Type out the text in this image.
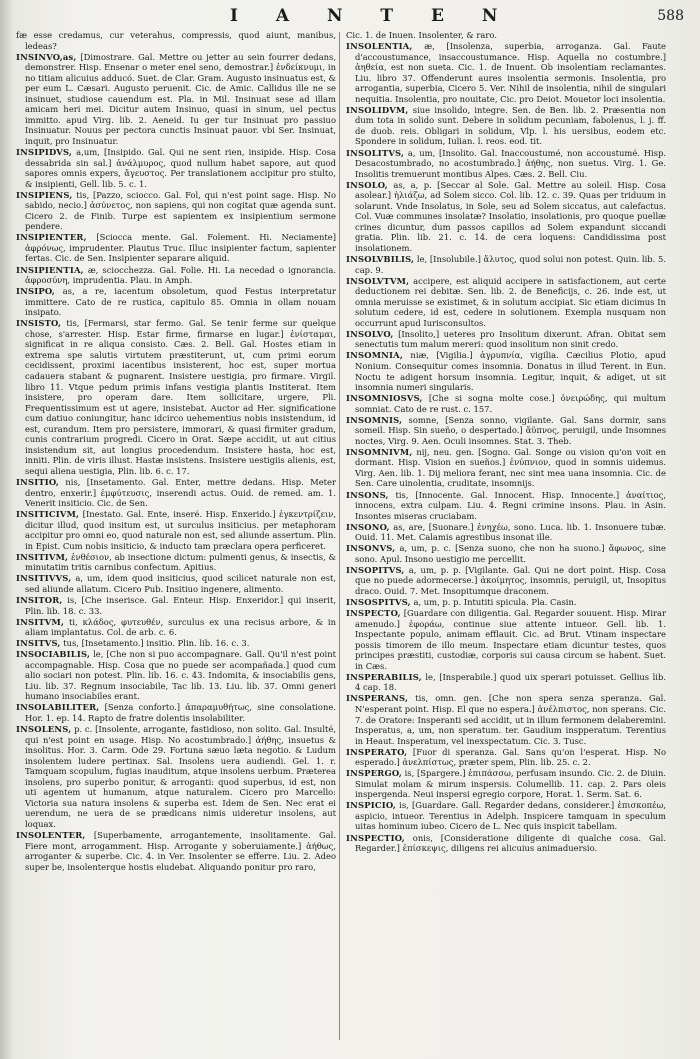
I A N T E N	588

fæ esse credamus, cur veterahus, compressis, quod aiunt, manibus, ledeas?

INSINVO,as, [Dimostrare. Gal. Mettre ou jetter au sein fourrer dedans, demonstrer. Hisp. Ensenar o meter enel seno, demostrar.] ἐνδείκνυμι, in no titiam alicuius adducó. Suet. de Clar. Gram. Augusto insinuatus est, & per eum L. Cæsari. Augusto peruenit. Cic. de Amic. Callidus ille ne se insinuet, studiose cauendum est. Pla. in Mil. Insinuat sese ad illam amicam heri mei. Dicitur autem Insinuo, quasi in sinum, uel pectus immitto. apud Virg. lib. 2. Aeneid. Iu ger tur Insinuat pro passiuo Insinuatur. Nouus per pectora cunctis Insinuat pauor. vbi Ser. Insinuat, inquit, pro Insinuatur.

INSIPIDVS, a,um, [Insipido. Gal. Qui ne sent rien, insipide. Hisp. Cosa dessabrida sin sal.] ἀνάλμυρος, quod nullum habet sapore, aut quod sapores omnis expers, ἄγευστος. Per translationem accipitur pro stulto, & insipienti, Gell. lib. 5. c. 1.

INSIPIENS, tis, [Pazzo, sciocco. Gal. Fol, qui n'est point sage. Hisp. No sabido, necio.] ἀσύνετος, non sapiens, qui non cogitat quæ agenda sunt. Cicero 2. de Finib. Turpe est sapientem ex insipientium sermone pendere.

INSIPIENTER, [Sciocca mente. Gal. Folement. Hi. Neciamente] ἀφρόνως, imprudenter. Plautus Truc. Illuc insipienter factum, sapienter fertas. Cic. de Sen. Insipienter separare aliquid.

INSIPIENTIA, æ, sciocchezza. Gal. Folie. Hi. La necedad o ignorancia. ἀφροσύνη, imprudentia. Plau. in Amph.

INSIPO, as, a re, iacentum obsoletum, quod Festus interpretatur immittere. Cato de re rustica, capitulo 85. Omnia in ollam nouam insipato.

INSISTO, tis, [Fermarsi, star fermo. Gal. Se tenir ferme sur quelque chose, s'arrester. Hisp. Estar firme, firmarse en lugar.] ἐνίσταμαι, significat in re aliqua consisto. Cæs. 2. Bell. Gal. Hostes etiam in extrema spe salutis virtutem præstiterunt, ut, cum primi eorum cecidissent, proximi iacentibus insisterent, hoc est, super mortua cadauera stabant & pugnarent. Insistere uestigia, pro firmare. Virgil. libro 11. Vtque pedum primis infans vestigia plantis Institerat. Item insistere, pro operam dare. Item sollicitare, urgere, Pli. Frequentissimum est ut agere, insistebat. Auctor ad Her. significatione cum datiuo coniungitur, hanc idcirco uehementius nobis insistendum, id est, curandum. Item pro persistere, immorari, & quasi firmiter gradum, cunis contrarium progredi. Cicero in Orat. Sæpe accidit, ut aut citius insistendum sit, aut longius procedendum. Insistere hasta, hoc est, inniti. Plin. de viris illust. Hastæ insistens. Insistere uestigiis alienis, est, sequi aliena uestigia, Plin. lib. 6. c. 17.

INSITIO, nis, [Insetamento. Gal. Enter, mettre dedans. Hisp. Meter dentro, enxerir.] ἐμφύτευσις, inserendi actus. Ouid. de remed. am. 1. Venerit insiticio. Cic. de Sen.

INSITICIVM, [Inestato. Gal. Ente, inseré. Hisp. Enxerido.] ἐγκεντρίζειν, dicitur illud, quod insitum est, ut surculus insiticius. per metaphoram accipitur pro omni eo, quod naturale non est, sed aliunde assertum. Plin. in Epist. Cum nobis insiticio, & inducto tam præclara opera perficeret.

INSITIVM, ἐνθέσιον, ab insectione dictum: pulmenti genus, & insectis, & minutatim tritis carnibus confectum. Apitius.

INSITIVVS, a, um, idem quod insiticius, quod scilicet naturale non est, sed aliunde allatum. Cicero Pub. Insitiuo ingenere, alimento.

INSITOR, is, [Che inserisce. Gal. Enteur. Hisp. Enxeridor.] qui inserit, Plin. lib. 18. c. 33.

INSITVM, ti, κλάδος, φυτευθέν, surculus ex una recisus arbore, & in aliam implantatus. Col. de arb. c. 6.

INSITVS, tus, [Insetamento.] insitio. Plin. lib. 16. c. 3.

INSOCIABILIS, le, [Che non si puo accompagnare. Gall. Qu'il n'est point accompagnable. Hisp. Cosa que no puede ser acompañada.] quod cum alio sociari non potest. Plin. lib. 16. c. 43. Indomita, & insociabilis gens, Liu. lib. 37. Regnum insociabile, Tac lib. 13. Liu. lib. 37. Omni generi humano insociabiles erant.

INSOLABILITER, [Senza conforto.] ἀπαραμυθήτως, sine consolatione. Hor. 1. ep. 14. Rapto de fratre dolentis insolabiliter.

INSOLENS, p. c. [Insolente, arrogante, fastidioso, non solito. Gal. Insulté, qui n'est point en usage. Hisp. No acostumbrado.] ἀήθης, insuetus & insolitus. Hor. 3. Carm. Ode 29. Fortuna sæuo læta negotio. & Ludum insolentem ludere pertinax. Sal. Insolens uera audiendi. Gel. 1. r. Tamquam scopulum, fugias inauditum, atque insolens uerbum. Præterea insolens, pro superbo ponitur, & arroganti: quod superbus, id est, non uti agentem ut humanum, atque naturalem. Cicero pro Marcello: Victoria sua natura insolens & superba est. Idem de Sen. Nec erat ei uerendum, ne uera de se prædicans nimis uideretur insolens, aut loquax.

INSOLENTER, [Superbamente, arrogantemente, insolitamente. Gal. Fiere mont, arrogamment. Hisp. Arrogante y soberuiamente.] ἀήθως, arroganter & superbe. Cic. 4. in Ver. Insolenter se efferre. Liu. 2. Adeo super be, insolenterque hostis eludebat. Aliquando ponitur pro raro,

Cic. 1. de Inuen. Insolenter, & raro.

INSOLENTIA, æ, [Insolenza, superbia, arroganza. Gal. Faute d'accoustumance, insaccoustumance. Hisp. Aquella no costumbre.] ἀηθεία, est non sueta. Cic. 1. de Inuent. Ob insolentiam reclamantes. Liu. libro 37. Offenderunt aures insolentia sermonis. Insolentia, pro arrogantia, superbia, Cicero 5. Ver. Nihil de insolentia, nihil de singulari nequitia. Insolentia, pro nouitate, Cic. pro Deiot. Mouetor loci insolentia.

INSOLIDVM, siue insolido, integre. Sen. de Ben. lib. 2. Præsentia non dum tota in solido sunt. Debere in solidum pecuniam, fabolenus, l. j. ff. de duob. reis. Obligari in solidum, Vlp. l. his uersibus, eodem etc. Spondere in solidum, Iulian. l. reos. eod. tit.

INSOLITVS, a, um, [Insolito. Gal. Inaccoustumé, non accoustumé. Hisp. Desacostumbrado, no acostumbrado.] ἀήθης, non suetus. Virg. 1. Ge. Insolitis tremuerunt montibus Alpes. Cæs. 2. Bell. Ciu.

INSOLO, as, a, p. [Seccar al Sole. Gal. Mettre au soleil. Hisp. Cosa asolear.] ἡλιάζω, ad Solem sicco. Col. lib. 12. c. 39. Quas per triduum in solarunt. Vnde Insolatus, in Sole, seu ad Solem siccatus, aut calefactus. Col. Vuæ communes insolatæ? Insolatio, insolationis, pro quoque puellæ crines dicuntur, dum passos capillos ad Solem expandunt siccandi gratia. Plin. lib. 21. c. 14. de cera loquens: Candidissima post insolationem.

INSOLVBILIS, le, [Insolubile.] ἄλυτος, quod solui non potest. Quin. lib. 5. cap. 9.

INSOLVTVM, accipere, est aliquid accipere in satisfactionem, aut certe deductionem rei debitæ. Sen. lib. 2. de Beneficijs, c. 26. inde est, ut omnia meruisse se existimet, & in solutum accipiat. Sic etiam dicimus In solutum cedere, id est, cedere in solutionem. Exempla nusquam non occurrunt apud Iurisconsultos.

INSOLVO, [Insolito,] ueteres pro Insolitum dixerunt. Afran. Obitat sem senectutis tum malum mereri: quod insolitum non sinit credo.

INSOMNIA, niæ, [Vigilia.] ἀγρυπνία, vigilia. Cæcilius Plotio, apud Nonium. Consequitur comes insomnia. Donatus in illud Terent. in Eun. Noctu te adigent horsum insomnia. Legitur, inquit, & adiget, ut sit insomnia numeri singularis.

INSOMNIOSVS, [Che si sogna molte cose.] ὀνειρώδης, qui multum somniat. Cato de re rust. c. 157.

INSOMNIS, somne, [Senza sonno, vigilante. Gal. Sans dormir, sans someil. Hisp. Sin sueño, o despertado.] ἄϋπνος, peruigil, unde Insomnes noctes, Virg. 9. Aen. Oculi insomnes. Stat. 3. Theb.

INSOMNIVM, nij, neu. gen. [Sogno. Gal. Songe ou vision qu'on voit en dormant. Hisp. Vision en sueños.] ἐνύπνιον, quod in somnis uidemus. Virg. Aen. lib. 1. Dij meliora ferant, nec sint mea uana insomnia. Cic. de Sen. Care uinolentia, cruditate, insomnijs.

INSONS, tis, [Innocente. Gal. Innocent. Hisp. Innocente.] ἀναίτιος, innocens, extra culpam. Liu. 4. Regni crimine insons. Plau. in Asin. Insontes miseras cruciabam.

INSONO, as, are, [Suonare.] ἐνηχέω, sono. Luca. lib. 1. Insonuere tubæ. Ouid. 11. Met. Calamis agrestibus insonat ille.

INSONVS, a, um, p. c. [Senza suono, che non ha suono.] ἄφωνος, sine sono. Apul. Insono uestigio me percellit.

INSOPITVS, a, um, p. p. [Vigilante. Gal. Qui ne dort point. Hisp. Cosa que no puede adormecerse.] ἀκοίμητος, insomnis, peruigil, ut, Insopitus draco. Ouid. 7. Met. Insopitumque draconem.

INSOSPITVS, a, um, p. p. Intutiti spicula. Pla. Casin.

INSPECTO, [Guardare con diligentia. Gal. Regarder souuent. Hisp. Mirar amenudo.] ἐφοράω, continue siue attente intueor. Gell. lib. 1. Inspectante populo, animam efflauit. Cic. ad Brut. Vtinam inspectare possis timorem de illo meum. Inspectare etiam dicuntur testes, quos principes præstiti, custodiæ, corporis sui causa circum se habent. Suet. in Cæs.

INSPERABILIS, le, [Insperabile.] quod uix sperari potuisset. Gellius lib. 4 cap. 18.

INSPERANS, tis, omn. gen. [Che non spera senza speranza. Gal. N'esperant point. Hisp. El que no espera.] ἀνέλπιστος, non sperans. Cic. 7. de Oratore: Insperanti sed accidit, ut in illum fermonem delaberemini. Insperatus, a, um, non speratum. ter. Gaudium inspperatum. Terentius in Heaut. Insperatum, vel inexspectatum. Cic. 3. Tusc.

INSPERATO, [Fuor di speranza. Gal. Sans qu'on l'esperat. Hisp. No esperado.] ἀνελπίστως, præter spem, Plin. lib. 25. c. 2.

INSPERGO, is, [Spargere.] ἐπιπάσσω, perfusam insundo. Cic. 2. de Diuin. Simulat molam & mirum inspersis. Columellib. 11. cap. 2. Pars oleis inspergenda. Neui inspersi egregio corpore, Horat. 1. Serm. Sat. 6.

INSPICIO, is, [Guardare. Gall. Regarder dedans, considerer.] ἐπισκοπέω, aspicio, intueor. Terentius in Adelph. Inspicere tamquam in speculum uitas hominum iubeo. Cicero de L. Nec quis inspicit tabellam.

INSPECTIO, onis, [Consideratione diligente di qualche cosa. Gal. Regarder.] ἐπίσκεψις, diligens rei alicuius animaduersio.
